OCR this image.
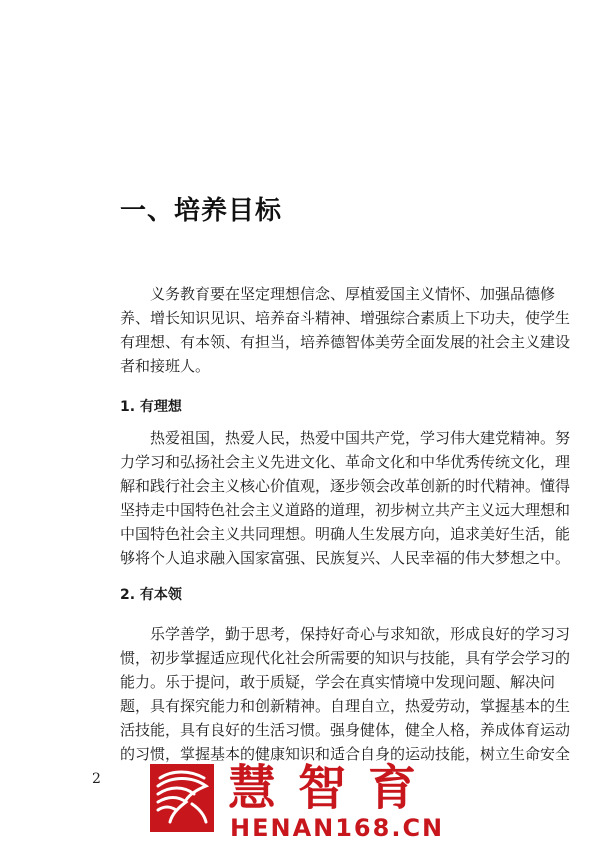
一、培养目标
　　义务教育要在坚定理想信念、厚植爱国主义情怀、加强品德修
养、增长知识见识、培养奋斗精神、增强综合素质上下功夫，使学生
有理想、有本领、有担当，培养德智体美劳全面发展的社会主义建设
者和接班人。
1. 有理想
　　热爱祖国，热爱人民，热爱中国共产党，学习伟大建党精神。努
力学习和弘扬社会主义先进文化、革命文化和中华优秀传统文化，理
解和践行社会主义核心价值观，逐步领会改革创新的时代精神。懂得
坚持走中国特色社会主义道路的道理，初步树立共产主义远大理想和
中国特色社会主义共同理想。明确人生发展方向，追求美好生活，能
够将个人追求融入国家富强、民族复兴、人民幸福的伟大梦想之中。
2. 有本领
　　乐学善学，勤于思考，保持好奇心与求知欲，形成良好的学习习
惯，初步掌握适应现代化社会所需要的知识与技能，具有学会学习的
能力。乐于提问，敢于质疑，学会在真实情境中发现问题、解决问
题，具有探究能力和创新精神。自理自立，热爱劳动，掌握基本的生
活技能，具有良好的生活习惯。强身健体，健全人格，养成体育运动
的习惯，掌握基本的健康知识和适合自身的运动技能，树立生命安全
2	慧智育
HENAN168.CN
